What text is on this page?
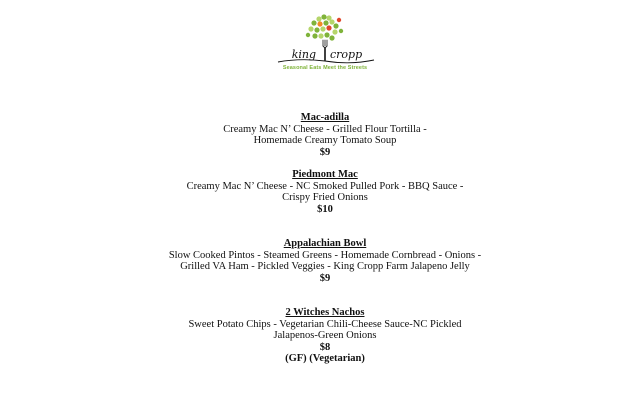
king cropp
Seasonal Eats Meet the Streets
Mac-adilla
Creamy Mac N’ Cheese - Grilled Flour Tortilla -
Homemade Creamy Tomato Soup
$9
Piedmont Mac
Creamy Mac N’ Cheese - NC Smoked Pulled Pork - BBQ Sauce -
Crispy Fried Onions
$10
Appalachian Bowl
Slow Cooked Pintos - Steamed Greens - Homemade Cornbread - Onions -
Grilled VA Ham - Pickled Veggies - King Cropp Farm Jalapeno Jelly
$9
2 Witches Nachos
Sweet Potato Chips - Vegetarian Chili-Cheese Sauce-NC Pickled
Jalapenos-Green Onions
$8
(GF) (Vegetarian)
